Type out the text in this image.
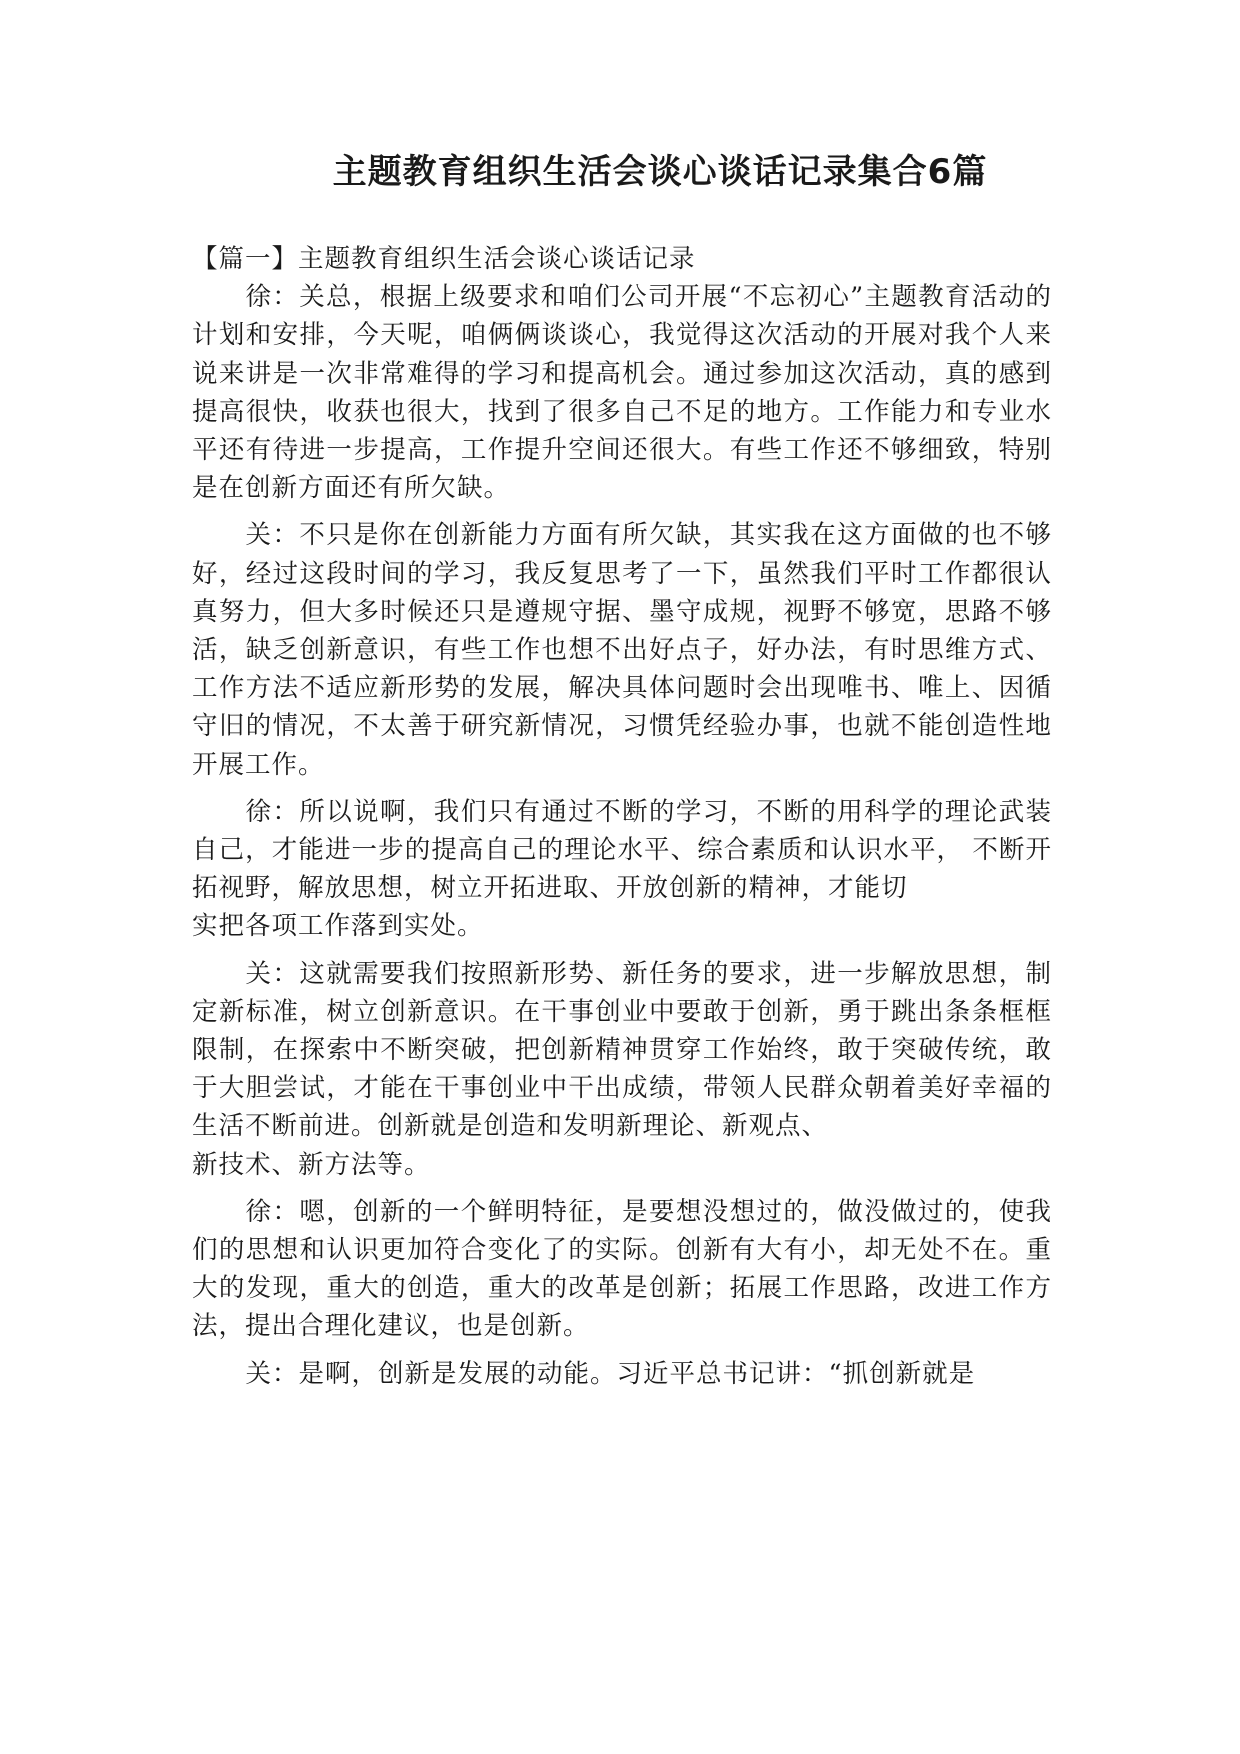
主题教育组织生活会谈心谈话记录集合6篇

【篇一】主题教育组织生活会谈心谈话记录

徐：关总，根据上级要求和咱们公司开展“不忘初心”主题教育活动的计划和安排，今天呢，咱俩俩谈谈心，我觉得这次活动的开展对我个人来说来讲是一次非常难得的学习和提高机会。通过参加这次活动，真的感到提高很快，收获也很大，找到了很多自己不足的地方。工作能力和专业水平还有待进一步提高，工作提升空间还很大。有些工作还不够细致，特别是在创新方面还有所欠缺。

关：不只是你在创新能力方面有所欠缺，其实我在这方面做的也不够好，经过这段时间的学习，我反复思考了一下，虽然我们平时工作都很认真努力，但大多时候还只是遵规守据、墨守成规，视野不够宽，思路不够活，缺乏创新意识，有些工作也想不出好点子，好办法，有时思维方式、工作方法不适应新形势的发展，解决具体问题时会出现唯书、唯上、因循守旧的情况，不太善于研究新情况，习惯凭经验办事，也就不能创造性地开展工作。

徐：所以说啊，我们只有通过不断的学习，不断的用科学的理论武装自己，才能进一步的提高自己的理论水平、综合素质和认识水平， 不断开拓视野，解放思想，树立开拓进取、开放创新的精神，才能切

实把各项工作落到实处。

关：这就需要我们按照新形势、新任务的要求，进一步解放思想，制定新标准，树立创新意识。在干事创业中要敢于创新，勇于跳出条条框框限制，在探索中不断突破，把创新精神贯穿工作始终，敢于突破传统，敢于大胆尝试，才能在干事创业中干出成绩，带领人民群众朝着美好幸福的生活不断前进。创新就是创造和发明新理论、新观点、

新技术、新方法等。

徐：嗯，创新的一个鲜明特征，是要想没想过的，做没做过的，使我们的思想和认识更加符合变化了的实际。创新有大有小，却无处不在。重大的发现，重大的创造，重大的改革是创新；拓展工作思路，改进工作方法，提出合理化建议，也是创新。

关：是啊，创新是发展的动能。习近平总书记讲：“抓创新就是
